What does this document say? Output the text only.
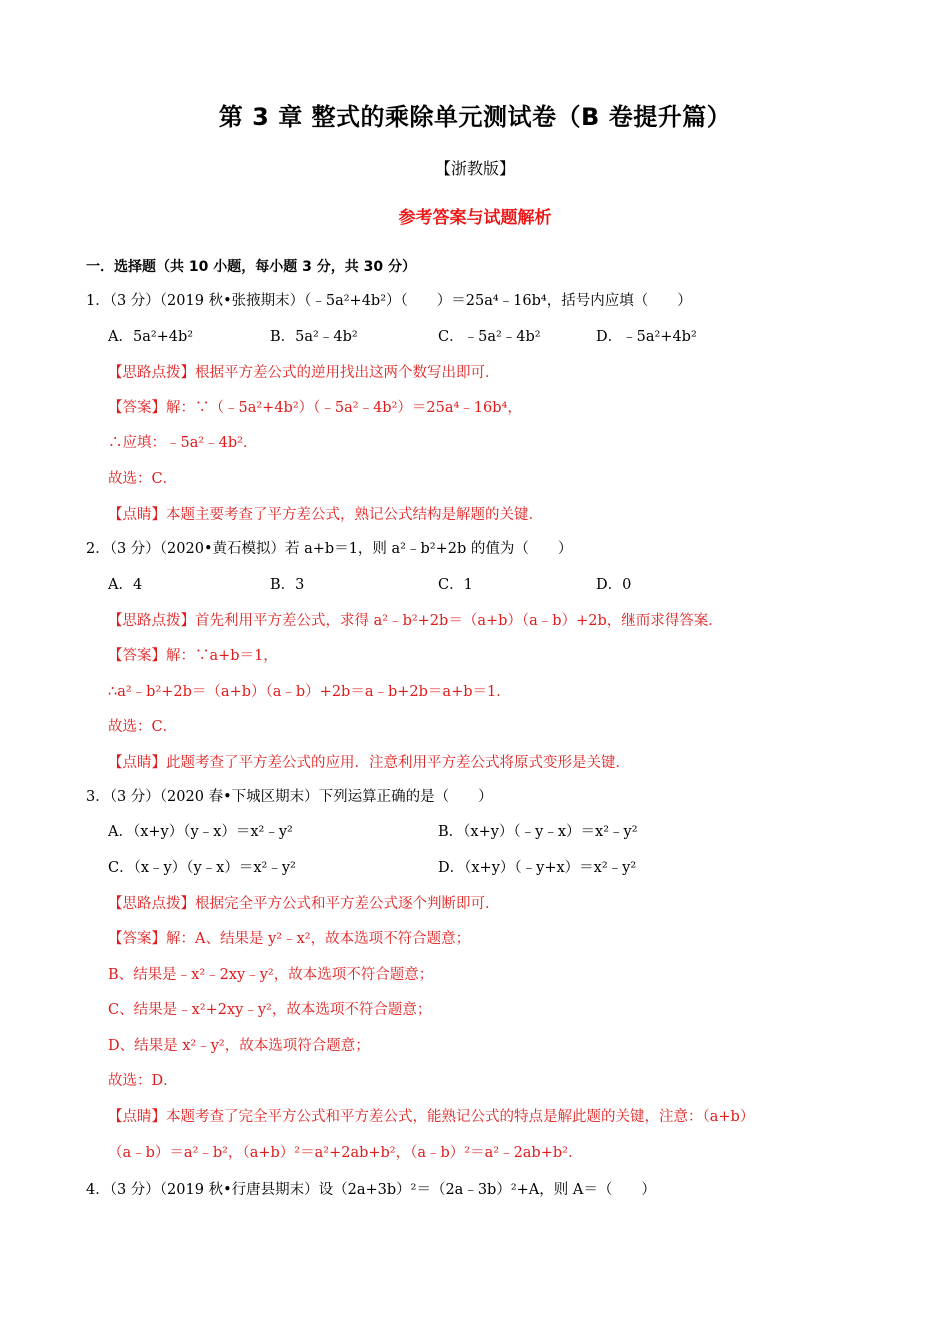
第 3 章 整式的乘除单元测试卷（B 卷提升篇）
【浙教版】
参考答案与试题解析
一．选择题（共 10 小题，每小题 3 分，共 30 分）
1．（3 分）（2019 秋•张掖期末）（﹣5a²+4b²）（　　）＝25a⁴﹣16b⁴，括号内应填（　　）
A．5a²+4b²	B．5a²﹣4b²	C．﹣5a²﹣4b²	D．﹣5a²+4b²
【思路点拨】根据平方差公式的逆用找出这两个数写出即可．
【答案】解：∵（﹣5a²+4b²）（﹣5a²﹣4b²）＝25a⁴﹣16b⁴，
∴应填：﹣5a²﹣4b²．
故选：C．
【点睛】本题主要考查了平方差公式，熟记公式结构是解题的关键．
2．（3 分）（2020•黄石模拟）若 a+b＝1，则 a²﹣b²+2b 的值为（　　）
A．4	B．3	C．1	D．0
【思路点拨】首先利用平方差公式，求得 a²﹣b²+2b＝（a+b）（a﹣b）+2b，继而求得答案．
【答案】解：∵a+b＝1，
∴a²﹣b²+2b＝（a+b）（a﹣b）+2b＝a﹣b+2b＝a+b＝1．
故选：C．
【点睛】此题考查了平方差公式的应用．注意利用平方差公式将原式变形是关键．
3．（3 分）（2020 春•下城区期末）下列运算正确的是（　　）
A．（x+y）（y﹣x）＝x²﹣y²	B．（x+y）（﹣y﹣x）＝x²﹣y²
C．（x﹣y）（y﹣x）＝x²﹣y²	D．（x+y）（﹣y+x）＝x²﹣y²
【思路点拨】根据完全平方公式和平方差公式逐个判断即可．
【答案】解：A、结果是 y²﹣x²，故本选项不符合题意；
B、结果是﹣x²﹣2xy﹣y²，故本选项不符合题意；
C、结果是﹣x²+2xy﹣y²，故本选项不符合题意；
D、结果是 x²﹣y²，故本选项符合题意；
故选：D．
【点睛】本题考查了完全平方公式和平方差公式，能熟记公式的特点是解此题的关键，注意：（a+b）
（a﹣b）＝a²﹣b²，（a+b）²＝a²+2ab+b²，（a﹣b）²＝a²﹣2ab+b²．
4．（3 分）（2019 秋•行唐县期末）设（2a+3b）²＝（2a﹣3b）²+A，则 A＝（　　）
